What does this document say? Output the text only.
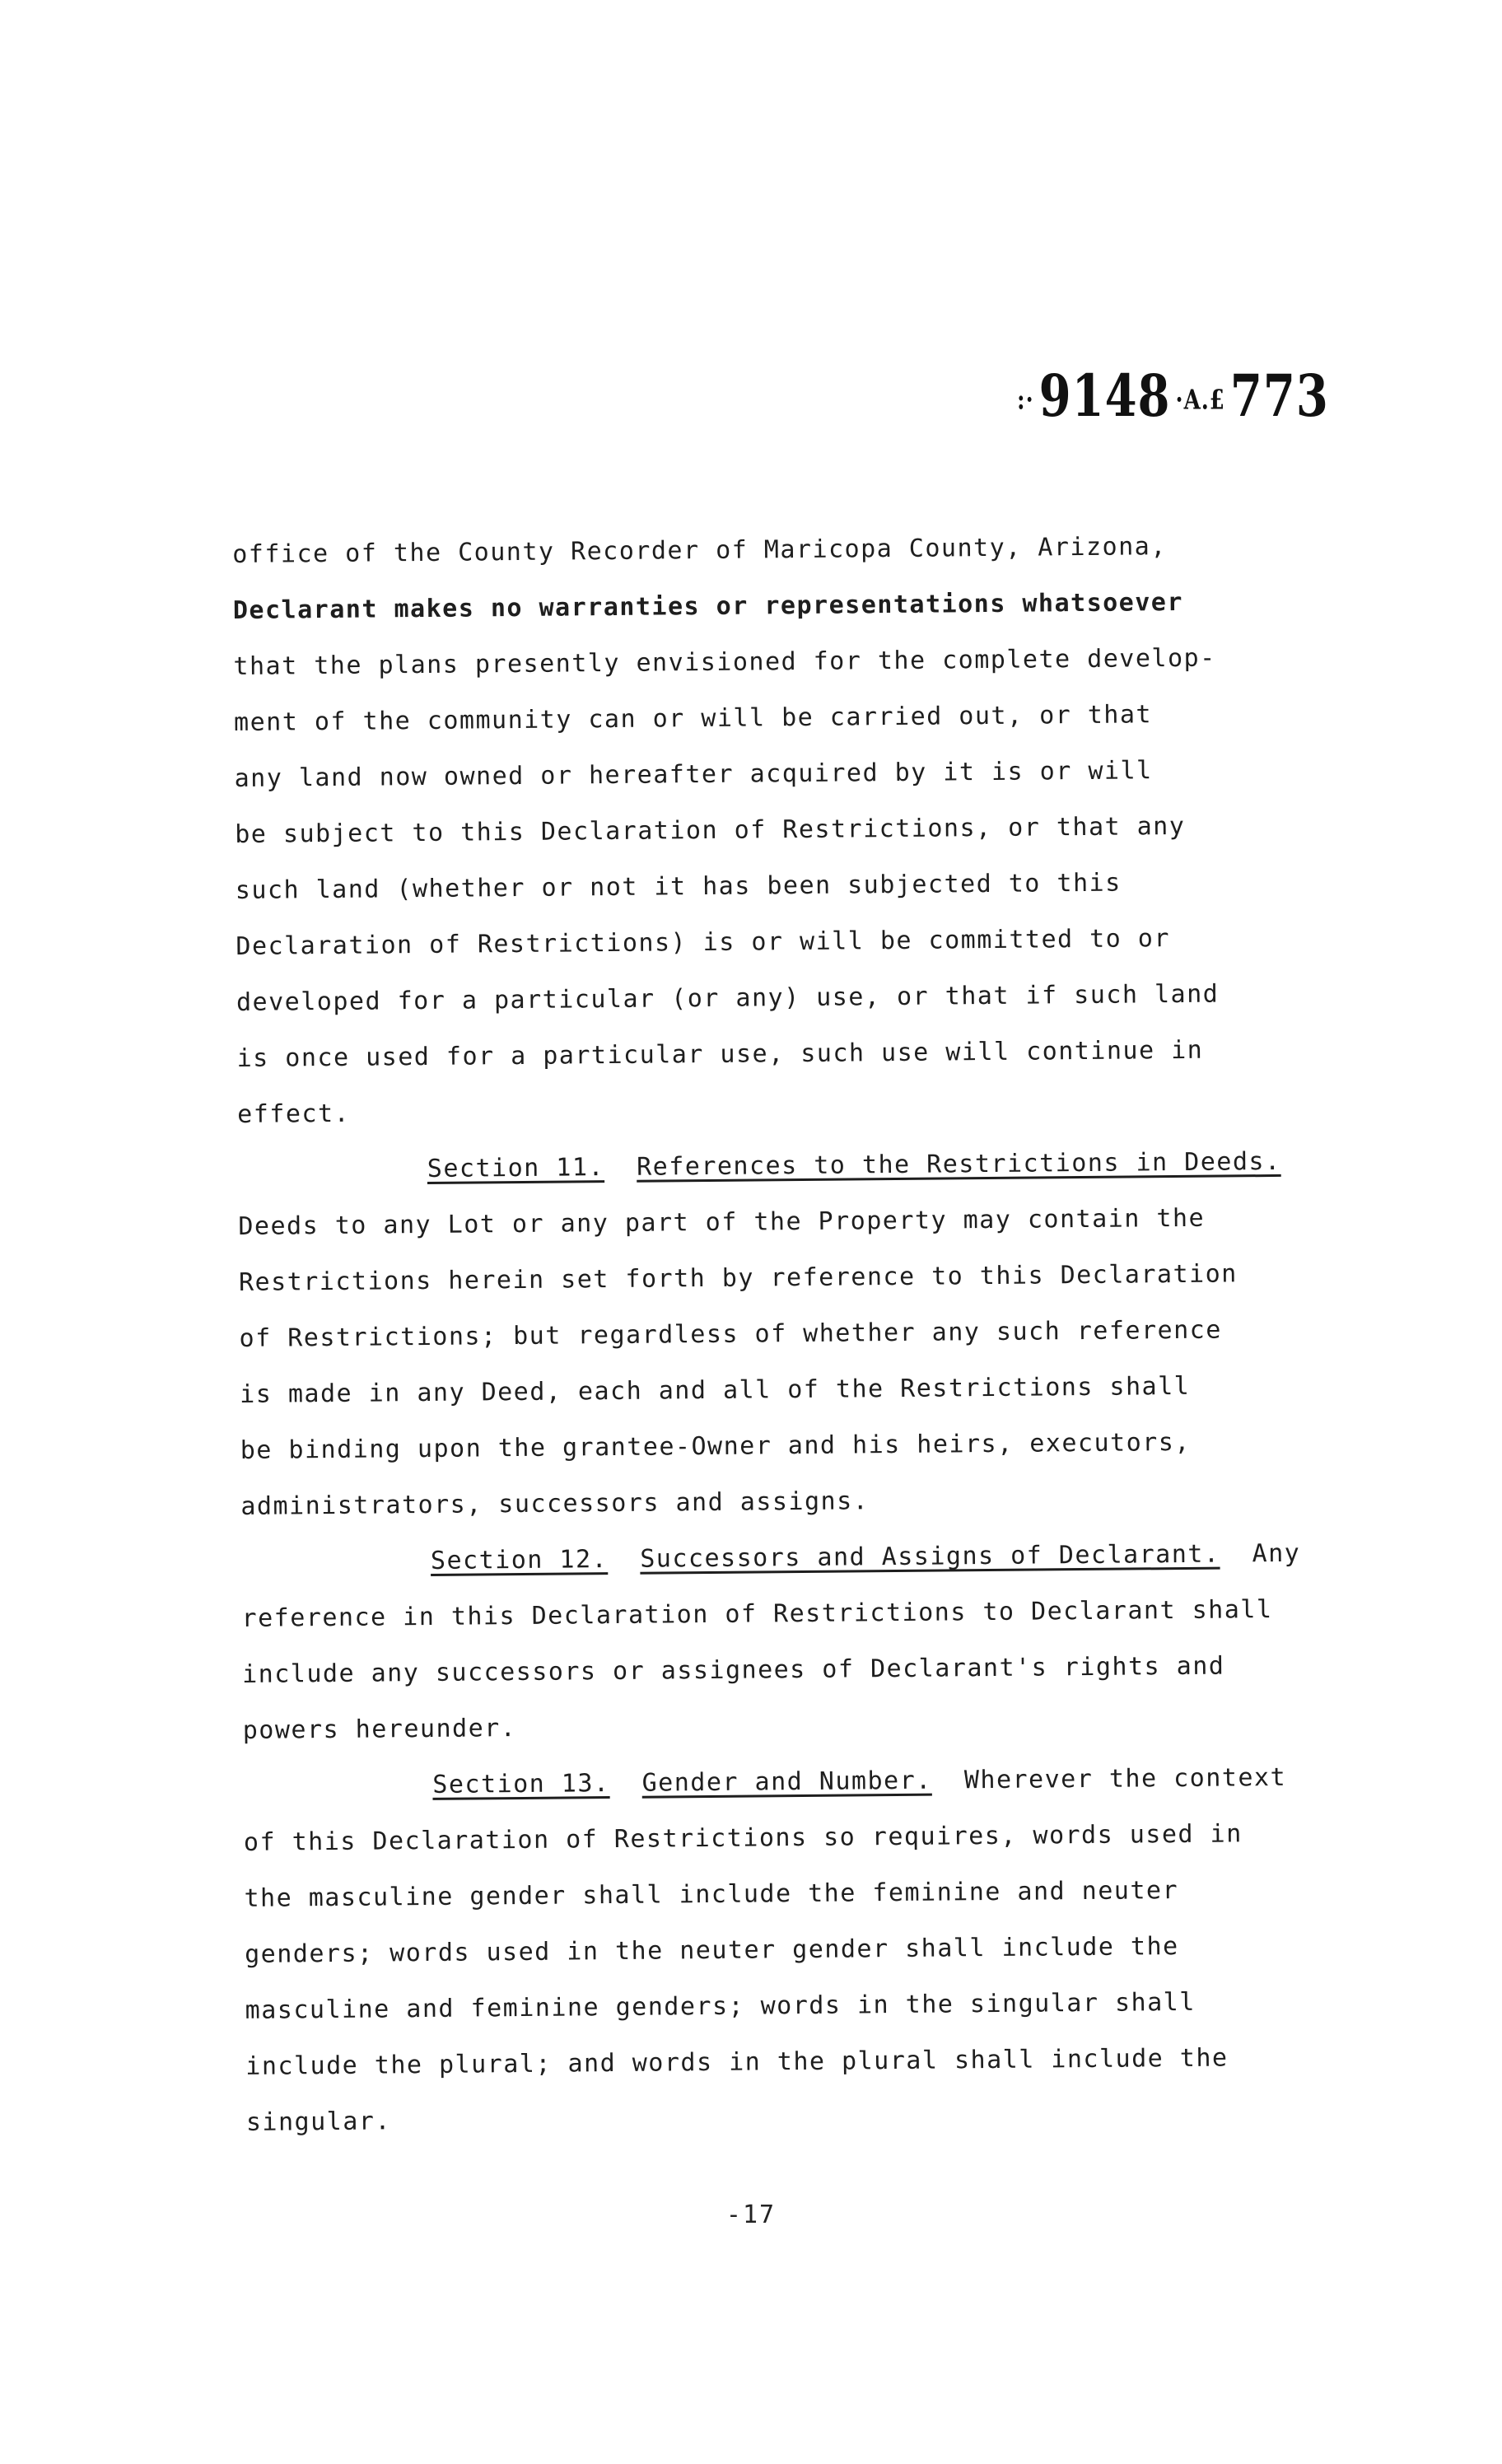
:· 9148 ·A.£ 773
office of the County Recorder of Maricopa County, Arizona,
Declarant makes no warranties or representations whatsoever
that the plans presently envisioned for the complete develop-
ment of the community can or will be carried out, or that
any land now owned or hereafter acquired by it is or will
be subject to this Declaration of Restrictions, or that any
such land (whether or not it has been subjected to this
Declaration of Restrictions) is or will be committed to or
developed for a particular (or any) use, or that if such land
is once used for a particular use, such use will continue in
effect.
Section 11. References to the Restrictions in Deeds.
Deeds to any Lot or any part of the Property may contain the
Restrictions herein set forth by reference to this Declaration
of Restrictions; but regardless of whether any such reference
is made in any Deed, each and all of the Restrictions shall
be binding upon the grantee-Owner and his heirs, executors,
administrators, successors and assigns.
Section 12. Successors and Assigns of Declarant. Any
reference in this Declaration of Restrictions to Declarant shall
include any successors or assignees of Declarant's rights and
powers hereunder.
Section 13. Gender and Number. Wherever the context
of this Declaration of Restrictions so requires, words used in
the masculine gender shall include the feminine and neuter
genders; words used in the neuter gender shall include the
masculine and feminine genders; words in the singular shall
include the plural; and words in the plural shall include the
singular.
-17
